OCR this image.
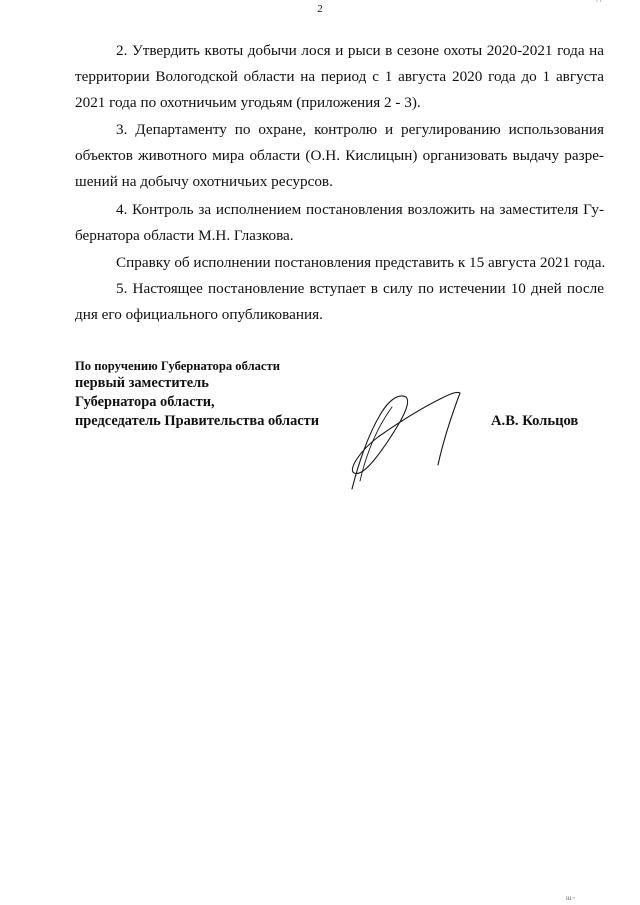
ı ı
2

2. Утвердить квоты добычи лося и рыси в сезоне охоты 2020-2021 года на
территории Вологодской области на период с 1 августа 2020 года до 1 августа
2021 года по охотничьим угодьям (приложения 2 - 3).

3. Департаменту по охране, контролю и регулированию использования
объектов животного мира области (О.Н. Кислицын) организовать выдачу разре-
шений на добычу охотничьих ресурсов.

4. Контроль за исполнением постановления возложить на заместителя Гу-
бернатора области М.Н. Глазкова.

Справку об исполнении постановления представить к 15 августа 2021 года.

5. Настоящее постановление вступает в силу по истечении 10 дней после
дня его официального опубликования.

По поручению Губернатора области
первый заместитель
Губернатора области,
председатель Правительства области	А.В. Кольцов
ш◦
